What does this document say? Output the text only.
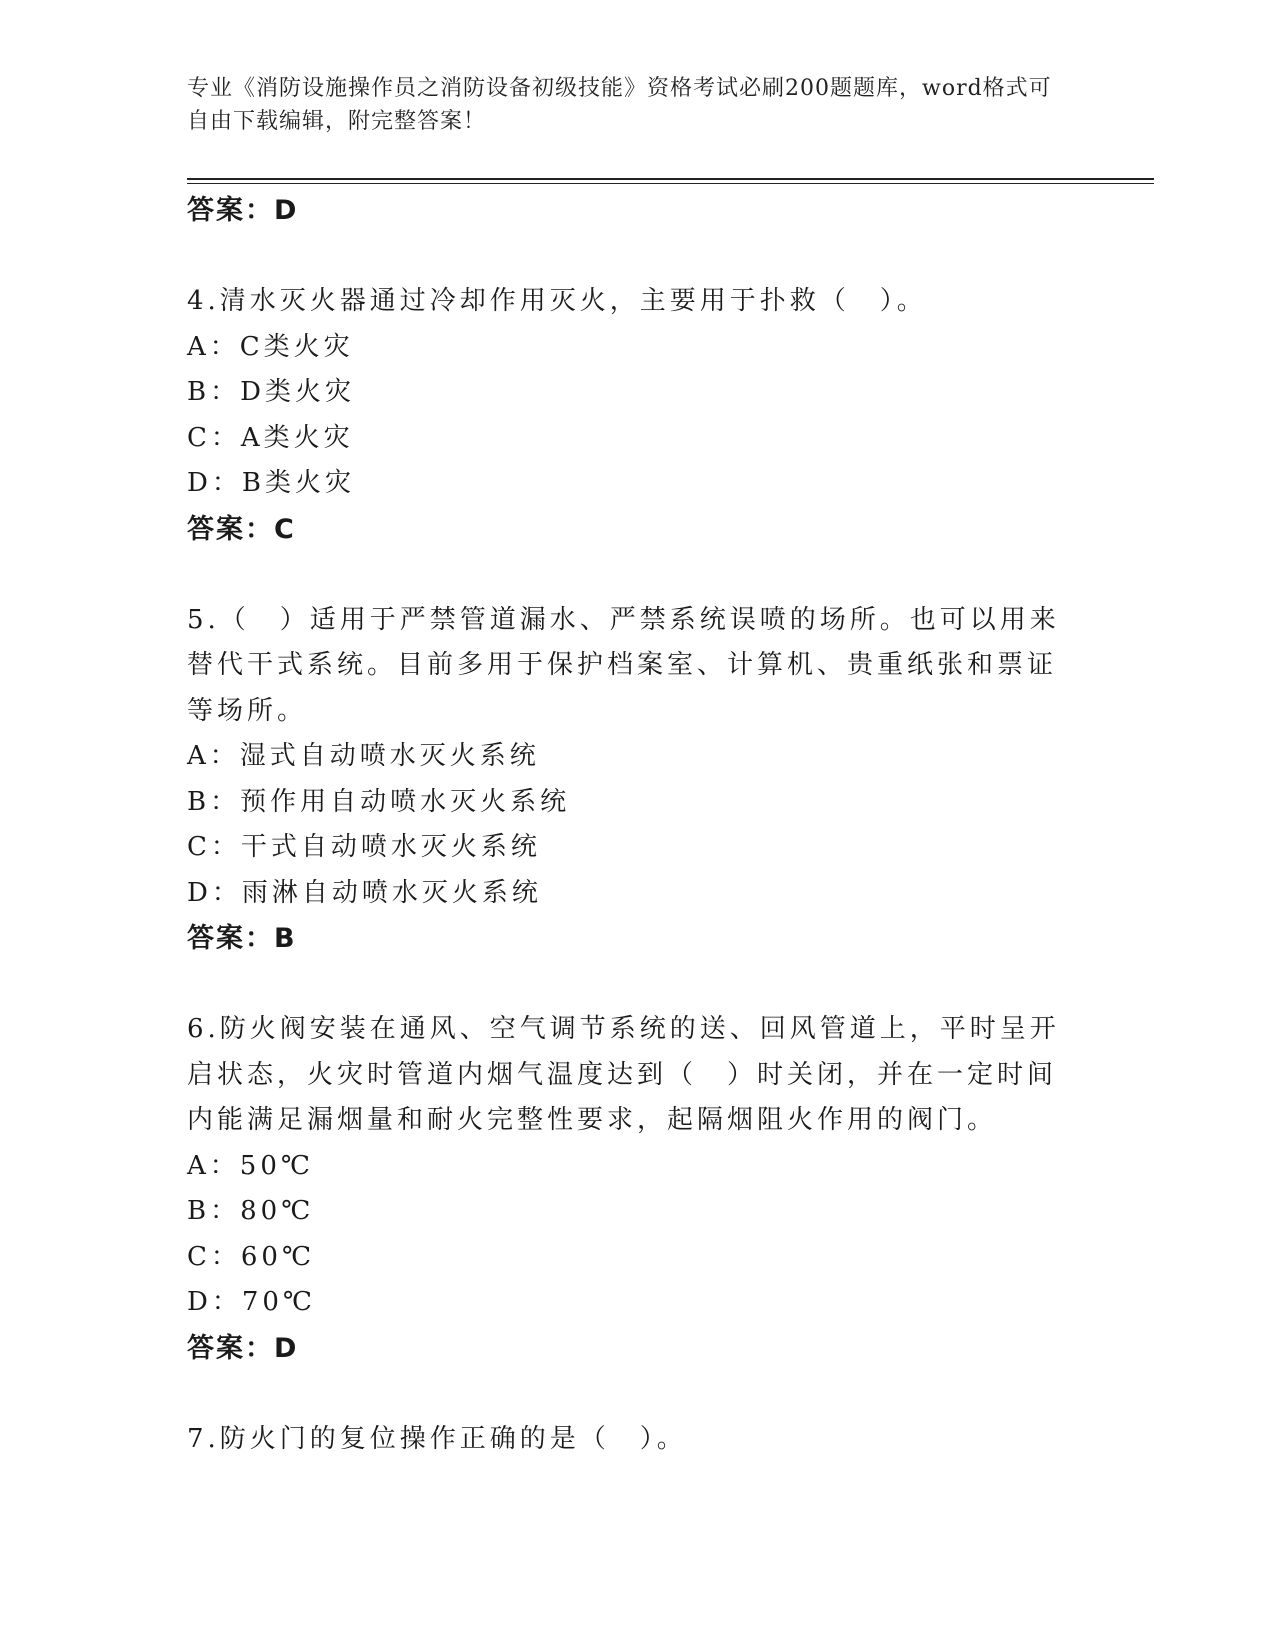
专业《消防设施操作员之消防设备初级技能》资格考试必刷200题题库，word格式可自由下载编辑，附完整答案！

答案：D

4.清水灭火器通过冷却作用灭火，主要用于扑救（　）。

A：C类火灾

B：D类火灾

C：A类火灾

D：B类火灾

答案：C

5.（　）适用于严禁管道漏水、严禁系统误喷的场所。也可以用来替代干式系统。目前多用于保护档案室、计算机、贵重纸张和票证等场所。

A：湿式自动喷水灭火系统

B：预作用自动喷水灭火系统

C：干式自动喷水灭火系统

D：雨淋自动喷水灭火系统

答案：B

6.防火阀安装在通风、空气调节系统的送、回风管道上，平时呈开启状态，火灾时管道内烟气温度达到（　）时关闭，并在一定时间内能满足漏烟量和耐火完整性要求，起隔烟阻火作用的阀门。

A：50℃

B：80℃

C：60℃

D：70℃

答案：D

7.防火门的复位操作正确的是（　）。
